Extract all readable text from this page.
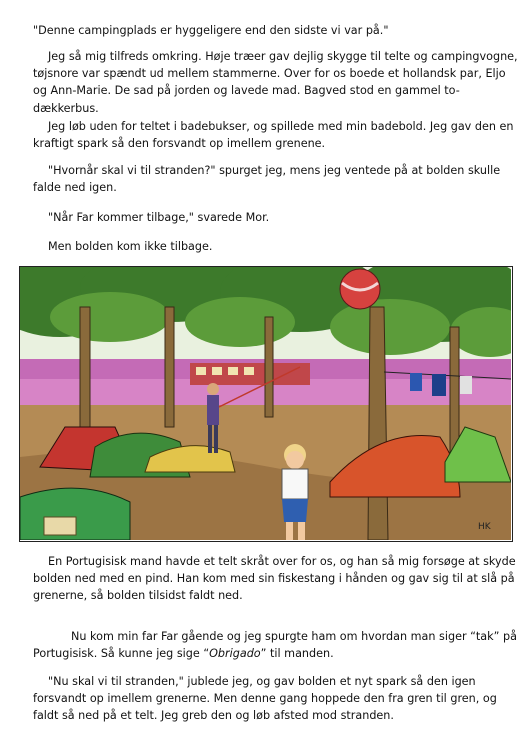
"Denne campingplads er hyggeligere end den sidste vi var på."

Jeg så mig tilfreds omkring. Høje træer gav dejlig skygge til telte og campingvogne, tøjsnore var spændt ud mellem stammerne. Over for os boede et hollandsk par, Eljo og Ann-Marie. De sad på jorden og lavede mad. Bagved stod en gammel to-dækkerbus.

Jeg løb uden for teltet i badebukser, og spillede med min badebold. Jeg gav den en kraftigt spark så den forsvandt op imellem grenene.

"Hvornår skal vi til stranden?" spurget jeg, mens jeg ventede på at bolden skulle falde ned igen.

"Når Far kommer tilbage," svarede Mor.

Men bolden kom ikke tilbage.

HK

En Portugisisk mand havde et telt skråt over for os, og han så mig forsøge at skyde bolden ned med en pind. Han kom med sin fiskestang i hånden og gav sig til at slå på grenerne, så bolden tilsidst faldt ned.

Nu kom min far Far gående og jeg spurgte ham om hvordan man siger “tak” på Portugisisk. Så kunne jeg sige “Obrigado” til manden.

"Nu skal vi til stranden," jublede jeg, og gav bolden et nyt spark så den igen forsvandt op imellem grenerne. Men denne gang hoppede den fra gren til gren, og faldt så ned på et telt. Jeg greb den og løb afsted mod stranden.
